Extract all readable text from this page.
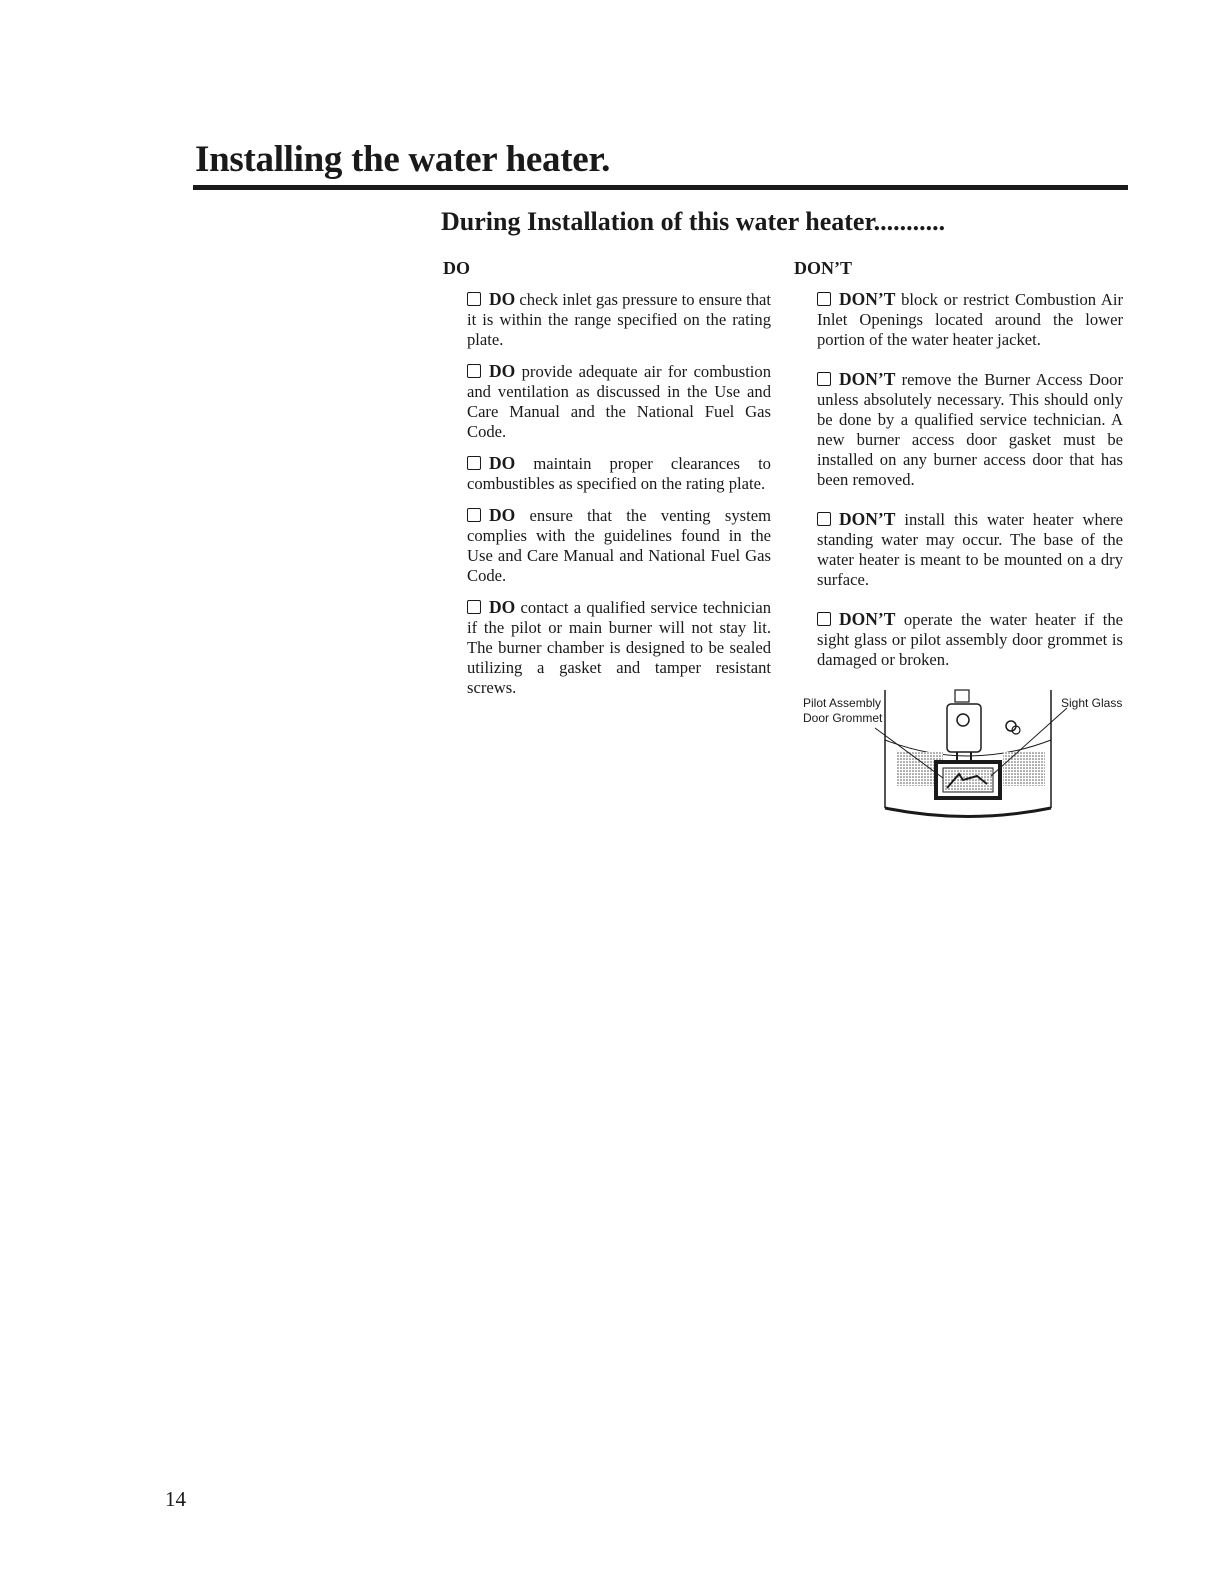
Installing the water heater.
During Installation of this water heater...........
DO	DON’T

DO check inlet gas pressure to ensure that it is within the range specified on the rating plate.

DO provide adequate air for combustion and ventilation as discussed in the Use and Care Manual and the National Fuel Gas Code.

DO maintain proper clearances to combustibles as specified on the rating plate.

DO ensure that the venting system complies with the guidelines found in the Use and Care Manual and National Fuel Gas Code.

DO contact a qualified service technician if the pilot or main burner will not stay lit. The burner chamber is designed to be sealed utilizing a gasket and tamper resistant screws.

DON’T block or restrict Combustion Air Inlet Openings located around the lower portion of the water heater jacket.

DON’T remove the Burner Access Door unless absolutely necessary. This should only be done by a qualified service technician. A new burner access door gasket must be installed on any burner access door that has been removed.

DON’T install this water heater where standing water may occur. The base of the water heater is meant to be mounted on a dry surface.

DON’T operate the water heater if the sight glass or pilot assembly door grommet is damaged or broken.

Pilot Assembly
Door Grommet
Sight Glass
14
